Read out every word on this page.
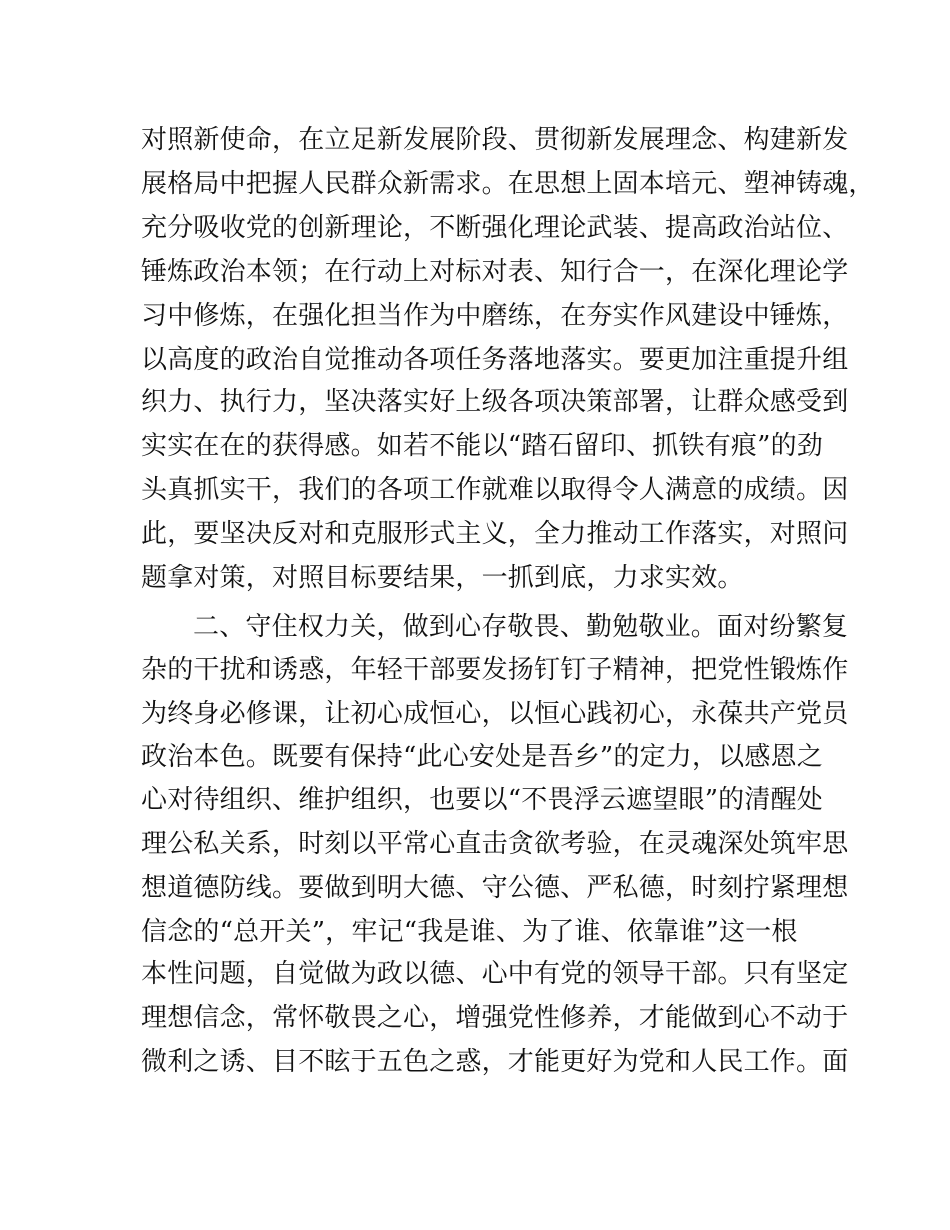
对照新使命，在立足新发展阶段、贯彻新发展理念、构建新发
展格局中把握人民群众新需求。在思想上固本培元、塑神铸魂，
充分吸收党的创新理论，不断强化理论武装、提高政治站位、
锤炼政治本领；在行动上对标对表、知行合一，在深化理论学
习中修炼，在强化担当作为中磨练，在夯实作风建设中锤炼，
以高度的政治自觉推动各项任务落地落实。要更加注重提升组
织力、执行力，坚决落实好上级各项决策部署，让群众感受到
实实在在的获得感。如若不能以“踏石留印、抓铁有痕”的劲
头真抓实干，我们的各项工作就难以取得令人满意的成绩。因
此，要坚决反对和克服形式主义，全力推动工作落实，对照问
题拿对策，对照目标要结果，一抓到底，力求实效。
二、守住权力关，做到心存敬畏、勤勉敬业。面对纷繁复
杂的干扰和诱惑，年轻干部要发扬钉钉子精神，把党性锻炼作
为终身必修课，让初心成恒心，以恒心践初心，永葆共产党员
政治本色。既要有保持“此心安处是吾乡”的定力，以感恩之
心对待组织、维护组织，也要以“不畏浮云遮望眼”的清醒处
理公私关系，时刻以平常心直击贪欲考验，在灵魂深处筑牢思
想道德防线。要做到明大德、守公德、严私德，时刻拧紧理想
信念的“总开关”，牢记“我是谁、为了谁、依靠谁”这一根
本性问题，自觉做为政以德、心中有党的领导干部。只有坚定
理想信念，常怀敬畏之心，增强党性修养，才能做到心不动于
微利之诱、目不眩于五色之惑，才能更好为党和人民工作。面
